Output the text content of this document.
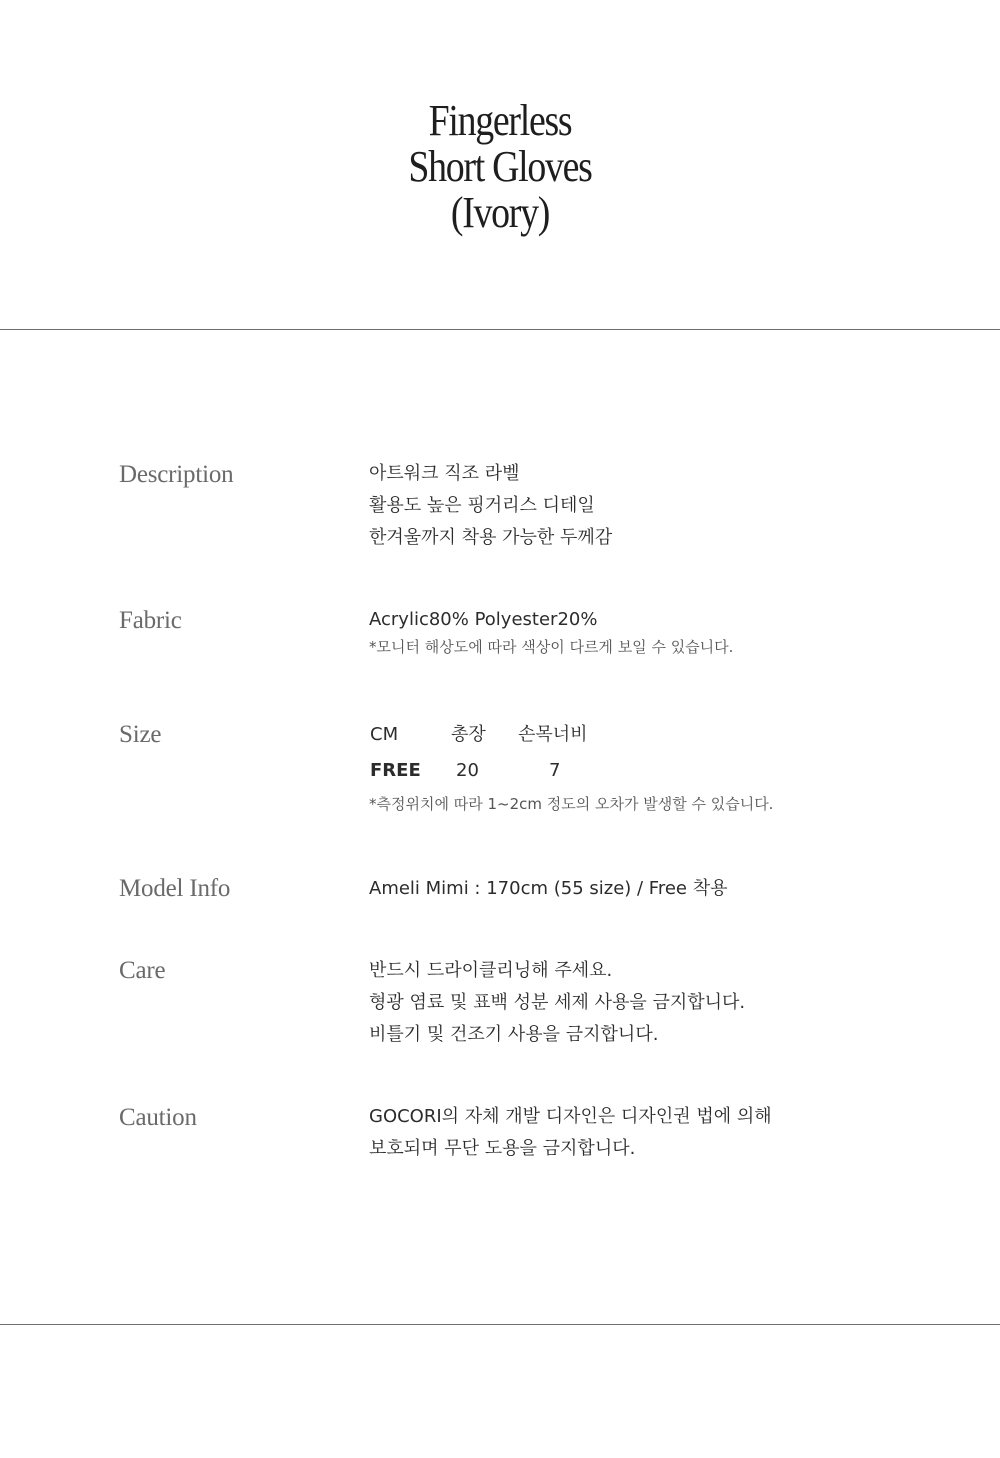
Fingerless
Short Gloves
(Ivory)
Description	아트워크 직조 라벨
활용도 높은 핑거리스 디테일
한겨울까지 착용 가능한 두께감
Fabric	Acrylic80% Polyester20%
*모니터 해상도에 따라 색상이 다르게 보일 수 있습니다.
Size	CM	총장 손목너비
FREE 20	7
*측정위치에 따라 1~2cm 정도의 오차가 발생할 수 있습니다.
Model Info	Ameli Mimi : 170cm (55 size) / Free 착용
Care	반드시 드라이클리닝해 주세요.
형광 염료 및 표백 성분 세제 사용을 금지합니다.
비틀기 및 건조기 사용을 금지합니다.
Caution	GOCORI의 자체 개발 디자인은 디자인권 법에 의해
보호되며 무단 도용을 금지합니다.
